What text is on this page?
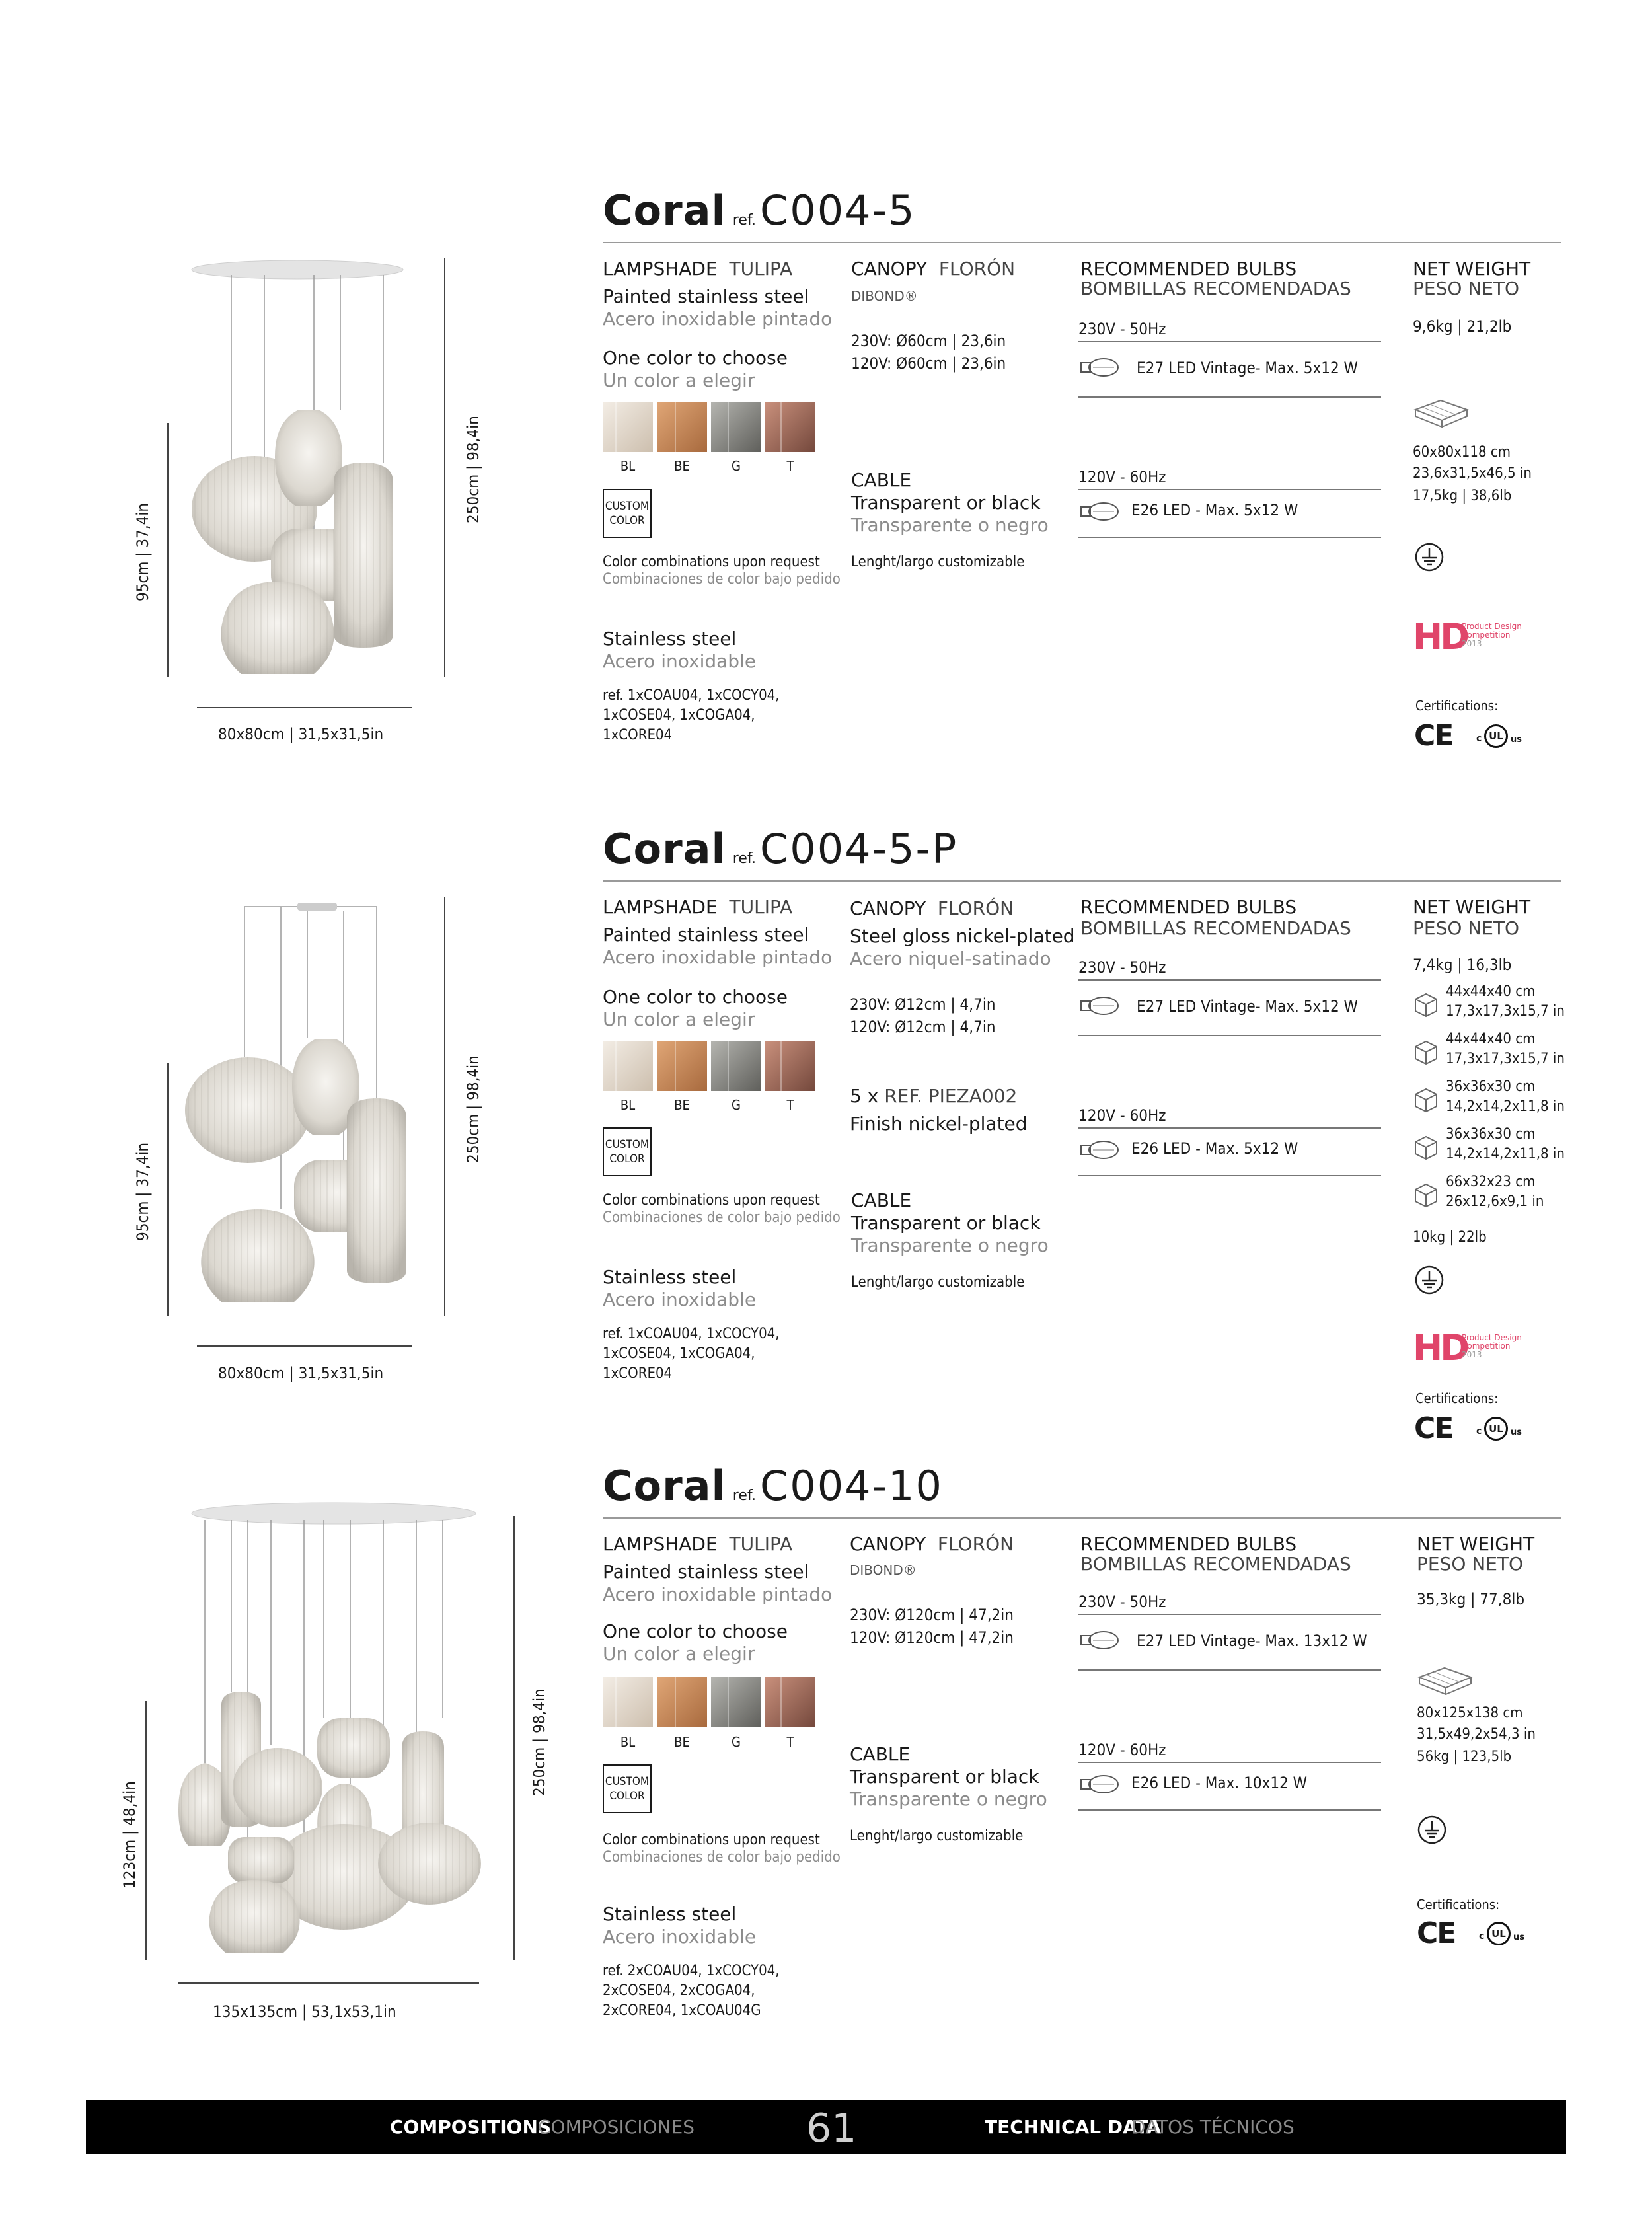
Coral ref.C004-5
95cm | 37,4in
250cm | 98,4in
80x80cm | 31,5x31,5in
LAMPSHADE TULIPA
Painted stainless steel
Acero inoxidable pintado
One color to choose
Un color a elegir
BL	BE	G	T
CUSTOM
COLOR
Color combinations upon request
Combinaciones de color bajo pedido
Stainless steel
Acero inoxidable
ref. 1xCOAU04, 1xCOCY04,
1xCOSE04, 1xCOGA04,
1xCORE04
CANOPY FLORÓN
DIBOND®
230V: Ø60cm | 23,6in
120V: Ø60cm | 23,6in
CABLE
Transparent or black
Transparente o negro
Lenght/largo customizable
RECOMMENDED BULBS
BOMBILLAS RECOMENDADAS
230V - 50Hz
E27 LED Vintage- Max. 5x12 W
120V - 60Hz
E26 LED - Max. 5x12 W
NET WEIGHT
PESO NETO
9,6kg | 21,2lb
60x80x118 cm
23,6x31,5x46,5 in
17,5kg | 38,6lb
HD
Product Design
Competition
2013
Certifications:
CE	c UL us
Coral ref.C004-5-P
95cm | 37,4in
250cm | 98,4in
80x80cm | 31,5x31,5in
LAMPSHADE TULIPA
Painted stainless steel
Acero inoxidable pintado
One color to choose
Un color a elegir
BL	BE	G	T
CUSTOM
COLOR
Color combinations upon request
Combinaciones de color bajo pedido
Stainless steel
Acero inoxidable
ref. 1xCOAU04, 1xCOCY04,
1xCOSE04, 1xCOGA04,
1xCORE04
CANOPY FLORÓN
Steel gloss nickel-plated
Acero niquel-satinado
230V: Ø12cm | 4,7in
120V: Ø12cm | 4,7in
5 x REF. PIEZA002
Finish nickel-plated
CABLE
Transparent or black
Transparente o negro
Lenght/largo customizable
RECOMMENDED BULBS
BOMBILLAS RECOMENDADAS
230V - 50Hz
E27 LED Vintage- Max. 5x12 W
120V - 60Hz
E26 LED - Max. 5x12 W
NET WEIGHT
PESO NETO
7,4kg | 16,3lb
44x44x40 cm
17,3x17,3x15,7 in
44x44x40 cm
17,3x17,3x15,7 in
36x36x30 cm
14,2x14,2x11,8 in
36x36x30 cm
14,2x14,2x11,8 in
66x32x23 cm
26x12,6x9,1 in
10kg | 22lb
HD
Product Design
Competition
2013
Certifications:
CE	c UL us
Coral ref.C004-10
123cm | 48,4in
250cm | 98,4in
135x135cm | 53,1x53,1in
LAMPSHADE TULIPA
Painted stainless steel
Acero inoxidable pintado
One color to choose
Un color a elegir
BL	BE	G	T
CUSTOM
COLOR
Color combinations upon request
Combinaciones de color bajo pedido
Stainless steel
Acero inoxidable
ref. 2xCOAU04, 1xCOCY04,
2xCOSE04, 2xCOGA04,
2xCORE04, 1xCOAU04G
CANOPY FLORÓN
DIBOND®
230V: Ø120cm | 47,2in
120V: Ø120cm | 47,2in
CABLE
Transparent or black
Transparente o negro
Lenght/largo customizable
RECOMMENDED BULBS
BOMBILLAS RECOMENDADAS
230V - 50Hz
E27 LED Vintage- Max. 13x12 W
120V - 60Hz
E26 LED - Max. 10x12 W
NET WEIGHT
PESO NETO
35,3kg | 77,8lb
80x125x138 cm
31,5x49,2x54,3 in
56kg | 123,5lb
Certifications:
CE	c UL us
COMPOSITIONS
COMPOSICIONES	61	TECHNICAL DATA
DATOS TÉCNICOS
